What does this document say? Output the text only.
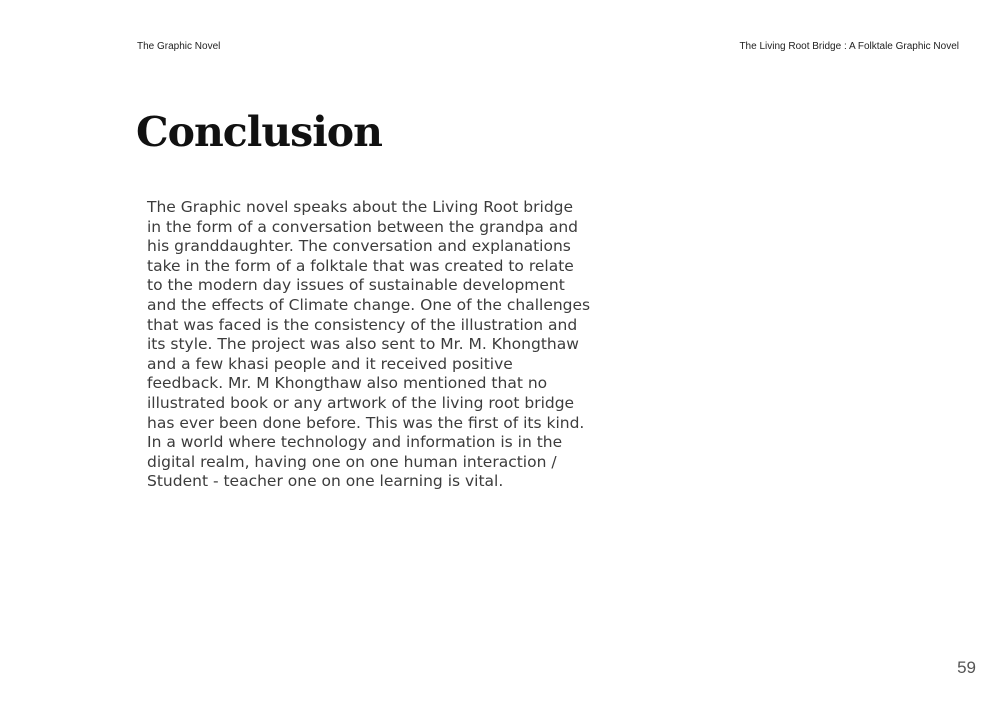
The Graphic Novel	The Living Root Bridge : A Folktale Graphic Novel
Conclusion

The Graphic novel speaks about the Living Root bridge
in the form of a conversation between the grandpa and
his granddaughter. The conversation and explanations
take in the form of a folktale that was created to relate
to the modern day issues of sustainable development
and the effects of Climate change. One of the challenges
that was faced is the consistency of the illustration and
its style. The project was also sent to Mr. M. Khongthaw
and a few khasi people and it received positive
feedback. Mr. M Khongthaw also mentioned that no
illustrated book or any artwork of the living root bridge
has ever been done before. This was the first of its kind.
In a world where technology and information is in the
digital realm, having one on one human interaction /
Student - teacher one on one learning is vital.

59
